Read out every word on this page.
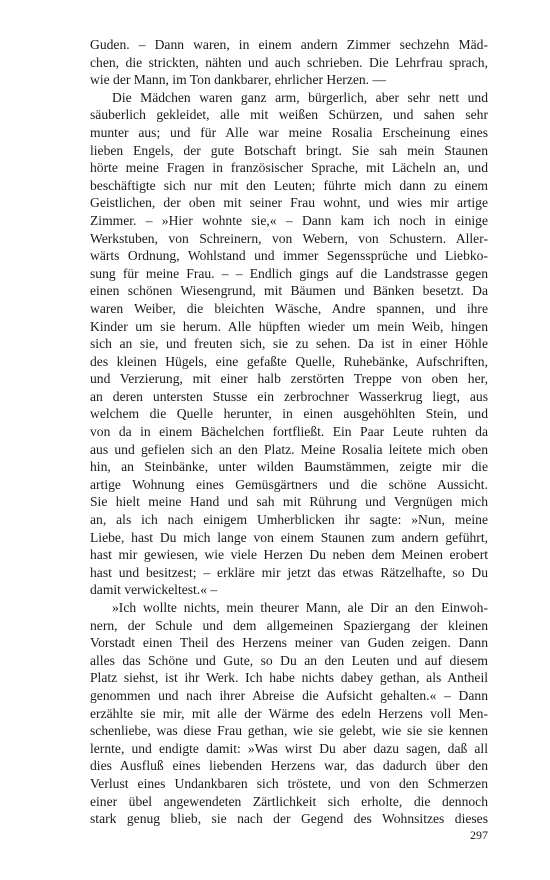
Guden. – Dann waren, in einem andern Zimmer sechzehn Mäd-
chen, die strickten, nähten und auch schrieben. Die Lehrfrau sprach,
wie der Mann, im Ton dankbarer, ehrlicher Herzen. ––
Die Mädchen waren ganz arm, bürgerlich, aber sehr nett und
säuberlich gekleidet, alle mit weißen Schürzen, und sahen sehr
munter aus; und für Alle war meine Rosalia Erscheinung eines
lieben Engels, der gute Botschaft bringt. Sie sah mein Staunen
hörte meine Fragen in französischer Sprache, mit Lächeln an, und
beschäftigte sich nur mit den Leuten; führte mich dann zu einem
Geistlichen, der oben mit seiner Frau wohnt, und wies mir artige
Zimmer. – »Hier wohnte sie,« – Dann kam ich noch in einige
Werkstuben, von Schreinern, von Webern, von Schustern. Aller-
wärts Ordnung, Wohlstand und immer Segenssprüche und Liebko-
sung für meine Frau. – – Endlich gings auf die Landstrasse gegen
einen schönen Wiesengrund, mit Bäumen und Bänken besetzt. Da
waren Weiber, die bleichten Wäsche, Andre spannen, und ihre
Kinder um sie herum. Alle hüpften wieder um mein Weib, hingen
sich an sie, und freuten sich, sie zu sehen. Da ist in einer Höhle
des kleinen Hügels, eine gefaßte Quelle, Ruhebänke, Aufschriften,
und Verzierung, mit einer halb zerstörten Treppe von oben her,
an deren untersten Stusse ein zerbrochner Wasserkrug liegt, aus
welchem die Quelle herunter, in einen ausgehöhlten Stein, und
von da in einem Bächelchen fortfließt. Ein Paar Leute ruhten da
aus und gefielen sich an den Platz. Meine Rosalia leitete mich oben
hin, an Steinbänke, unter wilden Baumstämmen, zeigte mir die
artige Wohnung eines Gemüsgärtners und die schöne Aussicht.
Sie hielt meine Hand und sah mit Rührung und Vergnügen mich
an, als ich nach einigem Umherblicken ihr sagte: »Nun, meine
Liebe, hast Du mich lange von einem Staunen zum andern geführt,
hast mir gewiesen, wie viele Herzen Du neben dem Meinen erobert
hast und besitzest; – erkläre mir jetzt das etwas Rätzelhafte, so Du
damit verwickeltest.« –
»Ich wollte nichts, mein theurer Mann, ale Dir an den Einwoh-
nern, der Schule und dem allgemeinen Spaziergang der kleinen
Vorstadt einen Theil des Herzens meiner van Guden zeigen. Dann
alles das Schöne und Gute, so Du an den Leuten und auf diesem
Platz siehst, ist ihr Werk. Ich habe nichts dabey gethan, als Antheil
genommen und nach ihrer Abreise die Aufsicht gehalten.« – Dann
erzählte sie mir, mit alle der Wärme des edeln Herzens voll Men-
schenliebe, was diese Frau gethan, wie sie gelebt, wie sie sie kennen
lernte, und endigte damit: »Was wirst Du aber dazu sagen, daß all
dies Ausfluß eines liebenden Herzens war, das dadurch über den
Verlust eines Undankbaren sich tröstete, und von den Schmerzen
einer übel angewendeten Zärtlichkeit sich erholte, die dennoch
stark genug blieb, sie nach der Gegend des Wohnsitzes dieses
297
